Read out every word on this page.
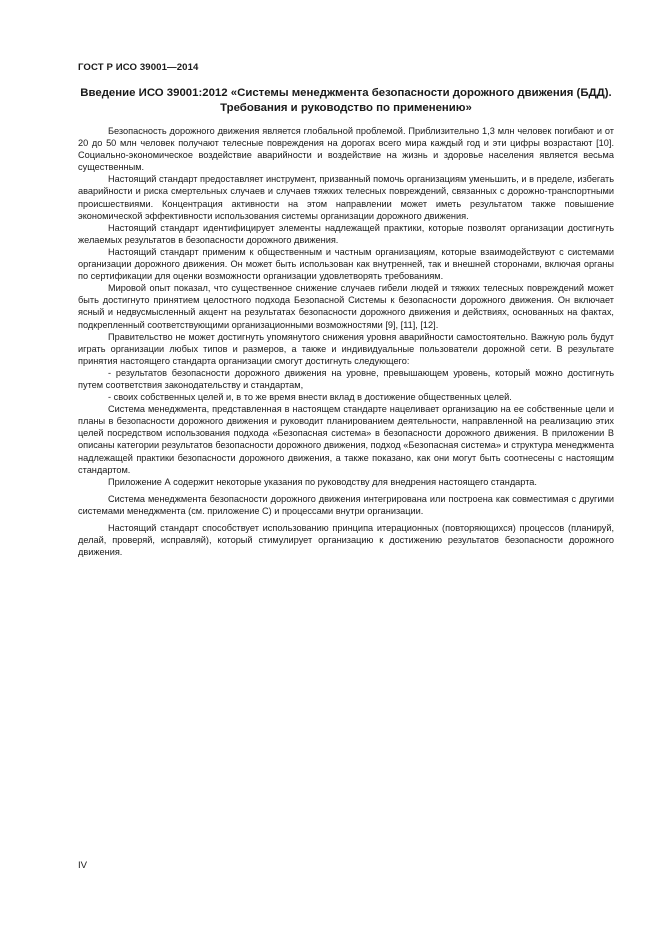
ГОСТ Р ИСО 39001—2014
Введение ИСО 39001:2012 «Системы менеджмента безопасности дорожного движения (БДД). Требования и руководство по применению»

Безопасность дорожного движения является глобальной проблемой. Приблизительно 1,3 млн человек погибают и от 20 до 50 млн человек получают телесные повреждения на дорогах всего мира каждый год и эти цифры возрастают [10]. Социально-экономическое воздействие аварийности и воздействие на жизнь и здоровье населения является весьма существенным.

Настоящий стандарт предоставляет инструмент, призванный помочь организациям уменьшить, и в пределе, избегать аварийности и риска смертельных случаев и случаев тяжких телесных повреждений, связанных с дорожно-транспортными происшествиями. Концентрация активности на этом направлении может иметь результатом также повышение экономической эффективности использования системы организации дорожного движения.

Настоящий стандарт идентифицирует элементы надлежащей практики, которые позволят организации достигнуть желаемых результатов в безопасности дорожного движения.

Настоящий стандарт применим к общественным и частным организациям, которые взаимодействуют с системами организации дорожного движения. Он может быть использован как внутренней, так и внешней сторонами, включая органы по сертификации для оценки возможности организации удовлетворять требованиям.

Мировой опыт показал, что существенное снижение случаев гибели людей и тяжких телесных повреждений может быть достигнуто принятием целостного подхода Безопасной Системы к безопасности дорожного движения. Он включает ясный и недвусмысленный акцент на результатах безопасности дорожного движения и действиях, основанных на фактах, подкрепленный соответствующими организационными возможностями [9], [11], [12].

Правительство не может достигнуть упомянутого снижения уровня аварийности самостоятельно. Важную роль будут играть организации любых типов и размеров, а также и индивидуальные пользователи дорожной сети. В результате принятия настоящего стандарта организации смогут достигнуть следующего:

- результатов безопасности дорожного движения на уровне, превышающем уровень, который можно достигнуть путем соответствия законодательству и стандартам,

- своих собственных целей и, в то же время внести вклад в достижение общественных целей.

Система менеджмента, представленная в настоящем стандарте нацеливает организацию на ее собственные цели и планы в безопасности дорожного движения и руководит планированием деятельности, направленной на реализацию этих целей посредством использования подхода «Безопасная система» в безопасности дорожного движения. В приложении В описаны категории результатов безопасности дорожного движения, подход «Безопасная система» и структура менеджмента надлежащей практики безопасности дорожного движения, а также показано, как они могут быть соотнесены с настоящим стандартом.

Приложение А содержит некоторые указания по руководству для внедрения настоящего стандарта.

Система менеджмента безопасности дорожного движения интегрирована или построена как совместимая с другими системами менеджмента (см. приложение С) и процессами внутри организации.

Настоящий стандарт способствует использованию принципа итерационных (повторяющихся) процессов (планируй, делай, проверяй, исправляй), который стимулирует организацию к достижению результатов безопасности дорожного движения.

IV
